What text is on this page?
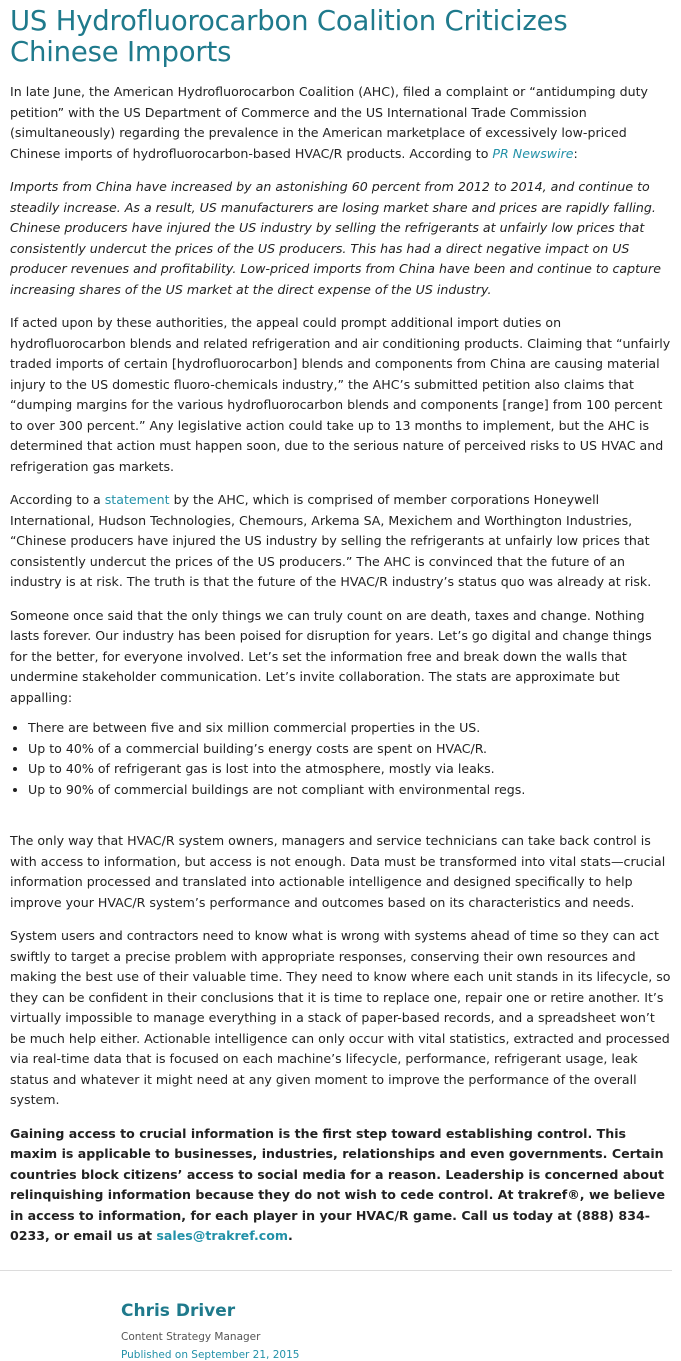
US Hydrofluorocarbon Coalition Criticizes Chinese Imports

In late June, the American Hydrofluorocarbon Coalition (AHC), filed a complaint or “antidumping duty petition” with the US Department of Commerce and the US International Trade Commission (simultaneously) regarding the prevalence in the American marketplace of excessively low-priced Chinese imports of hydrofluorocarbon-based HVAC/R products. According to PR Newswire:

Imports from China have increased by an astonishing 60 percent from 2012 to 2014, and continue to steadily increase. As a result, US manufacturers are losing market share and prices are rapidly falling. Chinese producers have injured the US industry by selling the refrigerants at unfairly low prices that consistently undercut the prices of the US producers. This has had a direct negative impact on US producer revenues and profitability. Low-priced imports from China have been and continue to capture increasing shares of the US market at the direct expense of the US industry.

If acted upon by these authorities, the appeal could prompt additional import duties on hydrofluorocarbon blends and related refrigeration and air conditioning products. Claiming that “unfairly traded imports of certain [hydrofluorocarbon] blends and components from China are causing material injury to the US domestic fluoro-chemicals industry,” the AHC’s submitted petition also claims that “dumping margins for the various hydrofluorocarbon blends and components [range] from 100 percent to over 300 percent.” Any legislative action could take up to 13 months to implement, but the AHC is determined that action must happen soon, due to the serious nature of perceived risks to US HVAC and refrigeration gas markets.

According to a statement by the AHC, which is comprised of member corporations Honeywell International, Hudson Technologies, Chemours, Arkema SA, Mexichem and Worthington Industries, “Chinese producers have injured the US industry by selling the refrigerants at unfairly low prices that consistently undercut the prices of the US producers.” The AHC is convinced that the future of an industry is at risk. The truth is that the future of the HVAC/R industry’s status quo was already at risk.

Someone once said that the only things we can truly count on are death, taxes and change. Nothing lasts forever. Our industry has been poised for disruption for years. Let’s go digital and change things for the better, for everyone involved. Let’s set the information free and break down the walls that undermine stakeholder communication. Let’s invite collaboration. The stats are approximate but appalling:

• There are between five and six million commercial properties in the US.
• Up to 40% of a commercial building’s energy costs are spent on HVAC/R.
• Up to 40% of refrigerant gas is lost into the atmosphere, mostly via leaks.
• Up to 90% of commercial buildings are not compliant with environmental regs.

The only way that HVAC/R system owners, managers and service technicians can take back control is with access to information, but access is not enough. Data must be transformed into vital stats—crucial information processed and translated into actionable intelligence and designed specifically to help improve your HVAC/R system’s performance and outcomes based on its characteristics and needs.

System users and contractors need to know what is wrong with systems ahead of time so they can act swiftly to target a precise problem with appropriate responses, conserving their own resources and making the best use of their valuable time. They need to know where each unit stands in its lifecycle, so they can be confident in their conclusions that it is time to replace one, repair one or retire another. It’s virtually impossible to manage everything in a stack of paper-based records, and a spreadsheet won’t be much help either. Actionable intelligence can only occur with vital statistics, extracted and processed via real-time data that is focused on each machine’s lifecycle, performance, refrigerant usage, leak status and whatever it might need at any given moment to improve the performance of the overall system.

Gaining access to crucial information is the first step toward establishing control. This maxim is applicable to businesses, industries, relationships and even governments. Certain countries block citizens’ access to social media for a reason. Leadership is concerned about relinquishing information because they do not wish to cede control. At trakref®, we believe in access to information, for each player in your HVAC/R game. Call us today at (888) 834-0233, or email us at sales@trakref.com.

Chris Driver
Content Strategy Manager
Published on September 21, 2015
